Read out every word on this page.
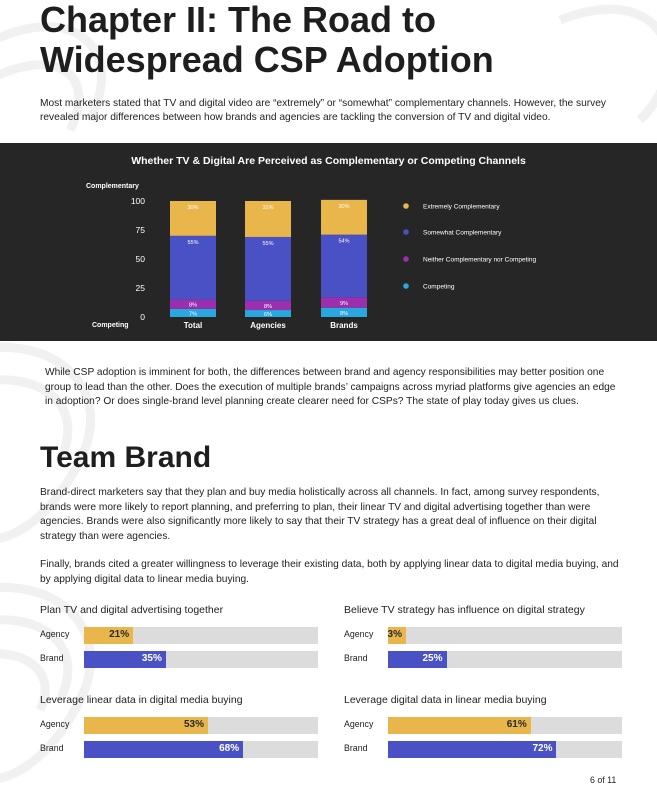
Chapter II: The Road to Widespread CSP Adoption

Most marketers stated that TV and digital video are “extremely” or “somewhat” complementary channels. However, the survey revealed major differences between how brands and agencies are tackling the conversion of TV and digital video.

Whether TV & Digital Are Perceived as Complementary or Competing Channels
Complementary
Competing
0
25
50
75
100
7%
8%
55%
30%
Total
6%
8%
55%
31%
Agencies
8%
9%
54%
30%
Brands
Extremely Complementary
Somewhat Complementary
Neither Complementary nor Competing
Competing

While CSP adoption is imminent for both, the differences between brand and agency responsibilities may better position one group to lead than the other. Does the execution of multiple brands’ campaigns across myriad platforms give agencies an edge in adoption? Or does single-brand level planning create clearer need for CSPs? The state of play today gives us clues.

Team Brand

Brand-direct marketers say that they plan and buy media holistically across all channels. In fact, among survey respondents, brands were more likely to report planning, and preferring to plan, their linear TV and digital advertising together than were agencies. Brands were also significantly more likely to say that their TV strategy has a great deal of influence on their digital strategy than were agencies.

Finally, brands cited a greater willingness to leverage their existing data, both by applying linear data to digital media buying, and by applying digital data to linear media buying.

Plan TV and digital advertising together
Agency	21%
Brand	35%
Believe TV strategy has influence on digital strategy
Agency 3%
Brand	25%
Leverage linear data in digital media buying
Agency	53%
Brand	68%
Leverage digital data in linear media buying
Agency	61%
Brand	72%
6 of 11
